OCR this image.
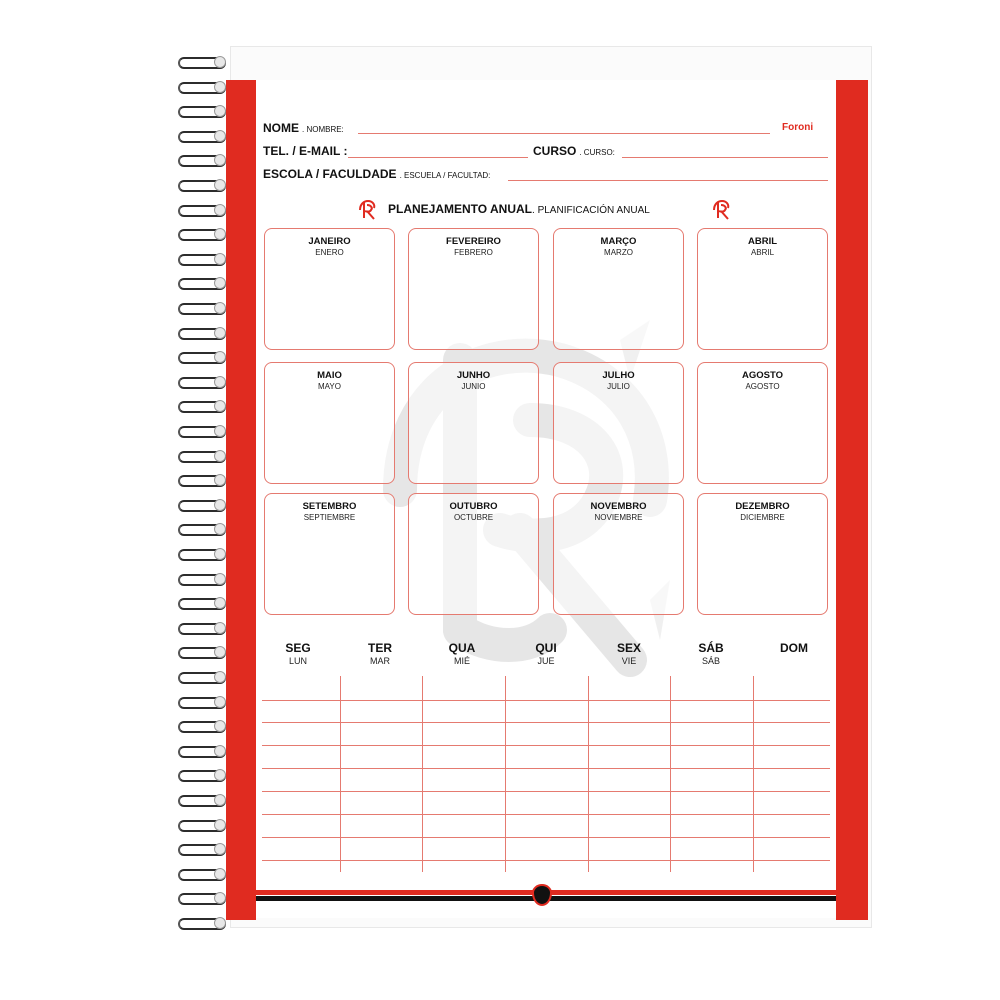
NOME . NOMBRE:	Foroni
TEL. / E-MAIL :	CURSO . CURSO:
ESCOLA / FACULDADE . ESCUELA / FACULTAD:
PLANEJAMENTO ANUAL. PLANIFICACIÓN ANUAL
JANEIRO
ENERO
FEVEREIRO
FEBRERO
MARÇO
MARZO
ABRIL
ABRIL
MAIO
MAYO
JUNHO
JUNIO
JULHO
JULIO
AGOSTO
AGOSTO
SETEMBRO
SEPTIEMBRE
OUTUBRO
OCTUBRE
NOVEMBRO
NOVIEMBRE
DEZEMBRO
DICIEMBRE
SEG
LUN
TER
MAR
QUA
MIÉ
QUI
JUE
SEX
VIE
SÁB
SÁB
DOM
